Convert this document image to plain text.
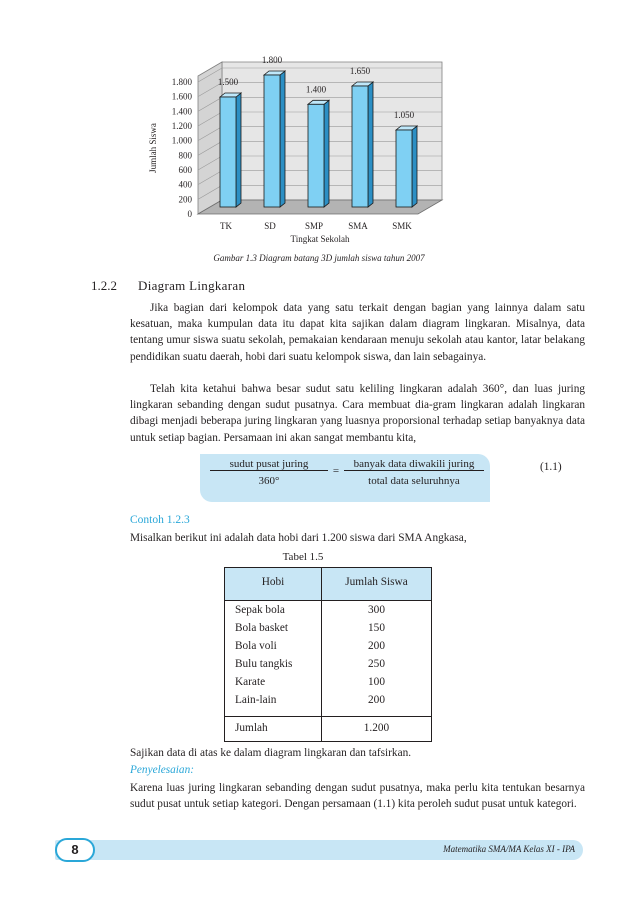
0
200
400
600
800
1.000
1.200
1.400
1.600
1.800	1.500
TK
1.800
SD
1.400
SMP
1.650
SMA
1.050
SMK
Tingkat Sekolah
Jumlah Siswa
Gambar 1.3 Diagram batang 3D jumlah siswa tahun 2007
1.2.2 Diagram Lingkaran

Jika bagian dari kelompok data yang satu terkait dengan bagian yang lainnya dalam satu kesatuan, maka kumpulan data itu dapat kita sajikan dalam diagram lingkaran. Misalnya, data tentang umur siswa suatu sekolah, pemakaian kendaraan menuju sekolah atau kantor, latar belakang pendidikan suatu daerah, hobi dari suatu kelompok siswa, dan lain sebagainya.

Telah kita ketahui bahwa besar sudut satu keliling lingkaran adalah 360°, dan luas juring lingkaran sebanding dengan sudut pusatnya. Cara membuat dia-gram lingkaran adalah lingkaran dibagi menjadi beberapa juring lingkaran yang luasnya proporsional terhadap setiap banyaknya data untuk setiap bagian. Persamaan ini akan sangat membantu kita,

sudut pusat juring
360°
=
banyak data diwakili juring
total data seluruhnya
(1.1)
Contoh 1.2.3
Misalkan berikut ini adalah data hobi dari 1.200 siswa dari SMA Angkasa,
Tabel 1.5
Hobi	Jumlah Siswa
Sepak bola	300
Bola basket	150
Bola voli	200
Bulu tangkis	250
Karate	100
Lain-lain	200
Jumlah	1.200
Sajikan data di atas ke dalam diagram lingkaran dan tafsirkan.
Penyelesaian:

Karena luas juring lingkaran sebanding dengan sudut pusatnya, maka perlu kita tentukan besarnya sudut pusat untuk setiap kategori. Dengan persamaan (1.1) kita peroleh sudut pusat untuk kategori.

8	Matematika SMA/MA Kelas XI - IPA
